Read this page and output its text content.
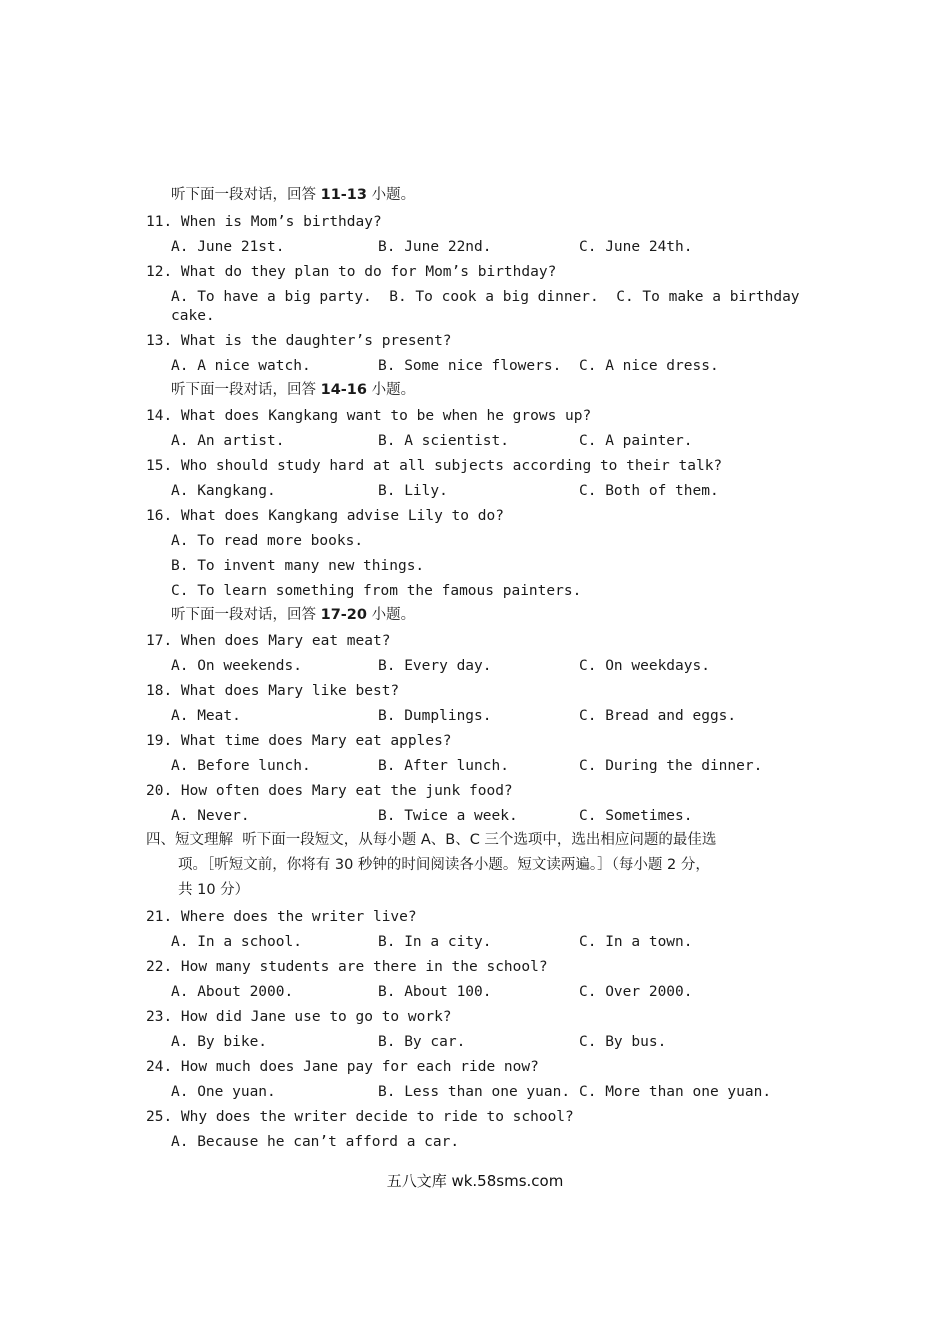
听下面一段对话，回答 11-13 小题。
11. When is Mom’s birthday?
A. June 21st.	B. June 22nd.	C. June 24th.
12. What do they plan to do for Mom’s birthday?
A. To have a big party.  B. To cook a big dinner.  C. To make a birthday
cake.
13. What is the daughter’s present?
A. A nice watch.	B. Some nice flowers. C. A nice dress.
听下面一段对话，回答 14-16 小题。
14. What does Kangkang want to be when he grows up?
A. An artist.	B. A scientist.	C. A painter.
15. Who should study hard at all subjects according to their talk?
A. Kangkang.	B. Lily.	C. Both of them.
16. What does Kangkang advise Lily to do?
A. To read more books.
B. To invent many new things.
C. To learn something from the famous painters.
听下面一段对话，回答 17-20 小题。
17. When does Mary eat meat?
A. On weekends.	B. Every day.	C. On weekdays.
18. What does Mary like best?
A. Meat.	B. Dumplings.	C. Bread and eggs.
19. What time does Mary eat apples?
A. Before lunch.	B. After lunch.	C. During the dinner.
20. How often does Mary eat the junk food?
A. Never.	B. Twice a week.	C. Sometimes.
四、短文理解  听下面一段短文，从每小题 A、B、C 三个选项中，选出相应问题的最佳选
项。［听短文前，你将有 30 秒钟的时间阅读各小题。短文读两遍。］（每小题 2 分，
共 10 分）
21. Where does the writer live?
A. In a school.	B. In a city.	C. In a town.
22. How many students are there in the school?
A. About 2000.	B. About 100.	C. Over 2000.
23. How did Jane use to go to work?
A. By bike.	B. By car.	C. By bus.
24. How much does Jane pay for each ride now?
A. One yuan.	B. Less than one yuan. C. More than one yuan.
25. Why does the writer decide to ride to school?
A. Because he can’t afford a car.
五八文库 wk.58sms.com
